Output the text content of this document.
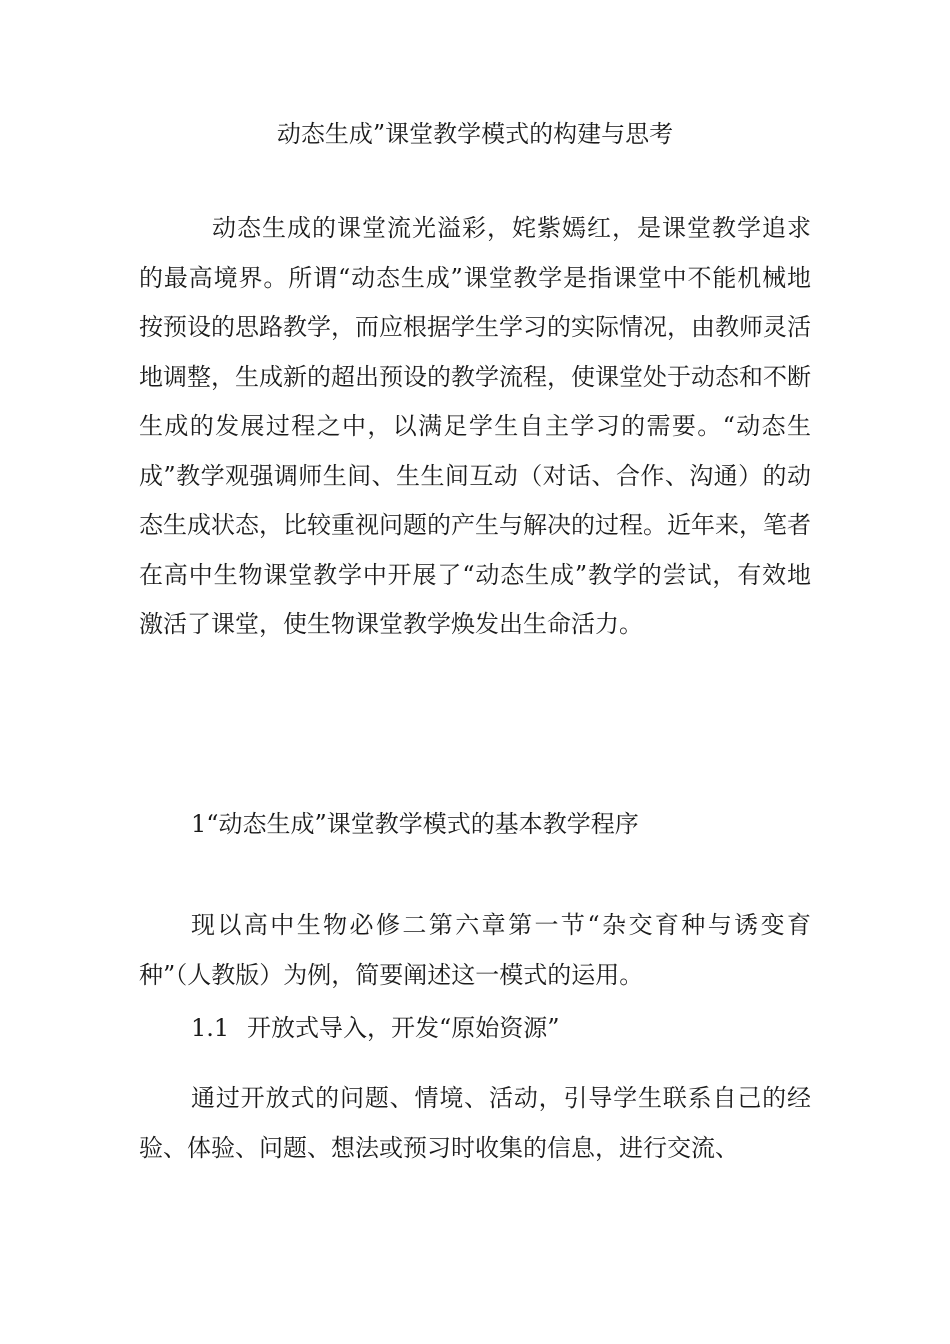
动态生成”课堂教学模式的构建与思考

动态生成的课堂流光溢彩，姹紫嫣红，是课堂教学追求的最高境界。所谓“动态生成”课堂教学是指课堂中不能机械地按预设的思路教学，而应根据学生学习的实际情况，由教师灵活地调整，生成新的超出预设的教学流程，使课堂处于动态和不断生成的发展过程之中，以满足学生自主学习的需要。“动态生成”教学观强调师生间、生生间互动（对话、合作、沟通）的动态生成状态，比较重视问题的产生与解决的过程。近年来，笔者在高中生物课堂教学中开展了“动态生成”教学的尝试，有效地激活了课堂，使生物课堂教学焕发出生命活力。

1“动态生成”课堂教学模式的基本教学程序

现以高中生物必修二第六章第一节“杂交育种与诱变育种”（人教版）为例，简要阐述这一模式的运用。

1.1 开放式导入，开发“原始资源”

通过开放式的问题、情境、活动，引导学生联系自己的经验、体验、问题、想法或预习时收集的信息，进行交流、
